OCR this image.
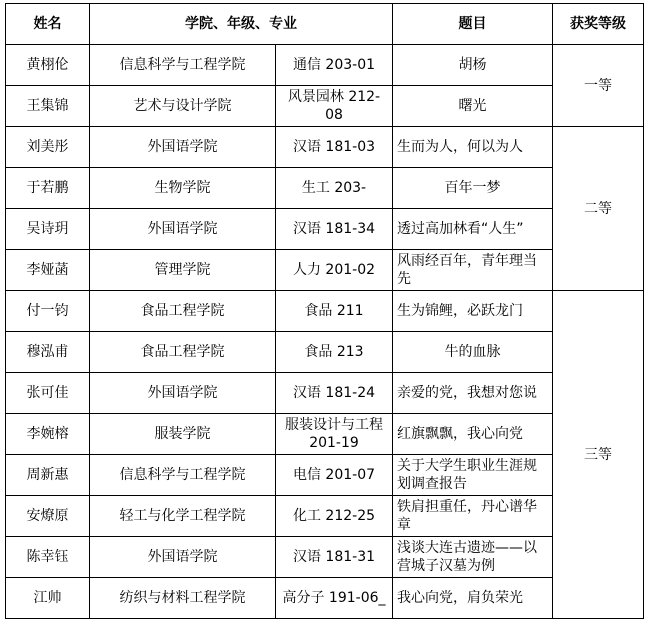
姓名	学院、年级、专业		题目	获奖等级
黄栩伦	信息科学与工程学院	通信 203-01	胡杨	一等
王集锦	艺术与设计学院	风景园林 212-08	曙光	
刘美彤	外国语学院	汉语 181-03	生而为人，何以为人	二等
于若鹏	生物学院	生工 203-	百年一梦	
吴诗玥	外国语学院	汉语 181-34	透过高加林看“人生”	
李娅菡	管理学院	人力 201-02	风雨经百年，青年理当先	
付一钧	食品工程学院	食品 211	生为锦鲤，必跃龙门	三等
穆泓甫	食品工程学院	食品 213	牛的血脉	
张可佳	外国语学院	汉语 181-24	亲爱的党，我想对您说	
李婉榕	服装学院	服装设计与工程 201-19	红旗飘飘，我心向党	
周新惠	信息科学与工程学院	电信 201-07	关于大学生职业生涯规划调查报告	
安燎原	轻工与化学工程学院	化工 212-25	铁肩担重任，丹心谱华章	
陈幸钰	外国语学院	汉语 181-31	浅谈大连古遗迹——以营城子汉墓为例	
江帅	纺织与材料工程学院	高分子 191-06_	我心向党，肩负荣光	
